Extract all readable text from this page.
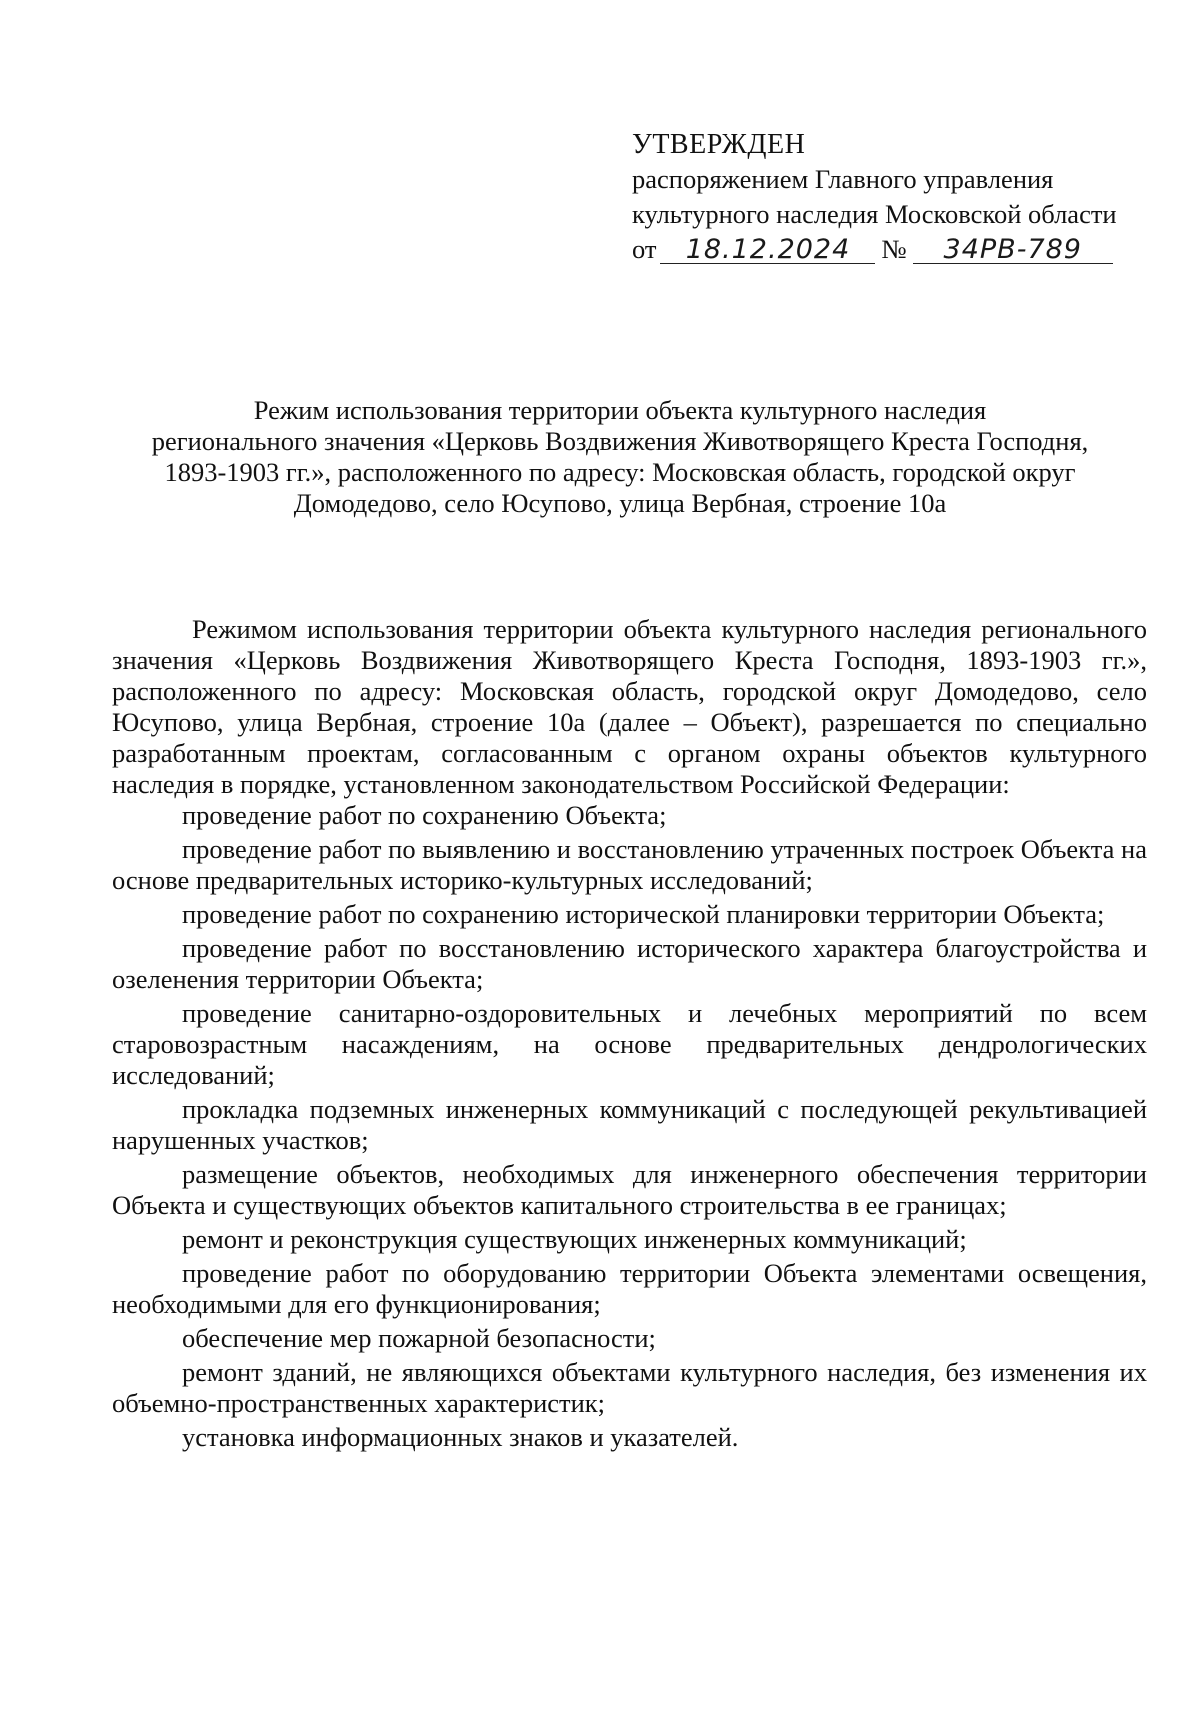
УТВЕРЖДЕН
распоряжением Главного управления
культурного наследия Московской области
от 18.12.2024 № 34РВ-789
Режим использования территории объекта культурного наследия
регионального значения «Церковь Воздвижения Животворящего Креста Господня,
1893-1903 гг.», расположенного по адресу: Московская область, городской округ
Домодедово, село Юсупово, улица Вербная, строение 10а

Режимом использования территории объекта культурного наследия регионального значения «Церковь Воздвижения Животворящего Креста Господня, 1893-1903 гг.», расположенного по адресу: Московская область, городской округ Домодедово, село Юсупово, улица Вербная, строение 10а (далее – Объект), разрешается по специально разработанным проектам, согласованным с органом охраны объектов культурного наследия в порядке, установленном законодательством Российской Федерации:

проведение работ по сохранению Объекта;
проведение работ по выявлению и восстановлению утраченных построек Объекта на основе предварительных историко-культурных исследований;
проведение работ по сохранению исторической планировки территории Объекта;
проведение работ по восстановлению исторического характера благоустройства и озеленения территории Объекта;
проведение санитарно-оздоровительных и лечебных мероприятий по всем старовозрастным насаждениям, на основе предварительных дендрологических исследований;
прокладка подземных инженерных коммуникаций с последующей рекультивацией нарушенных участков;
размещение объектов, необходимых для инженерного обеспечения территории Объекта и существующих объектов капитального строительства в ее границах;
ремонт и реконструкция существующих инженерных коммуникаций;
проведение работ по оборудованию территории Объекта элементами освещения, необходимыми для его функционирования;
обеспечение мер пожарной безопасности;
ремонт зданий, не являющихся объектами культурного наследия, без изменения их объемно-пространственных характеристик;
установка информационных знаков и указателей.
